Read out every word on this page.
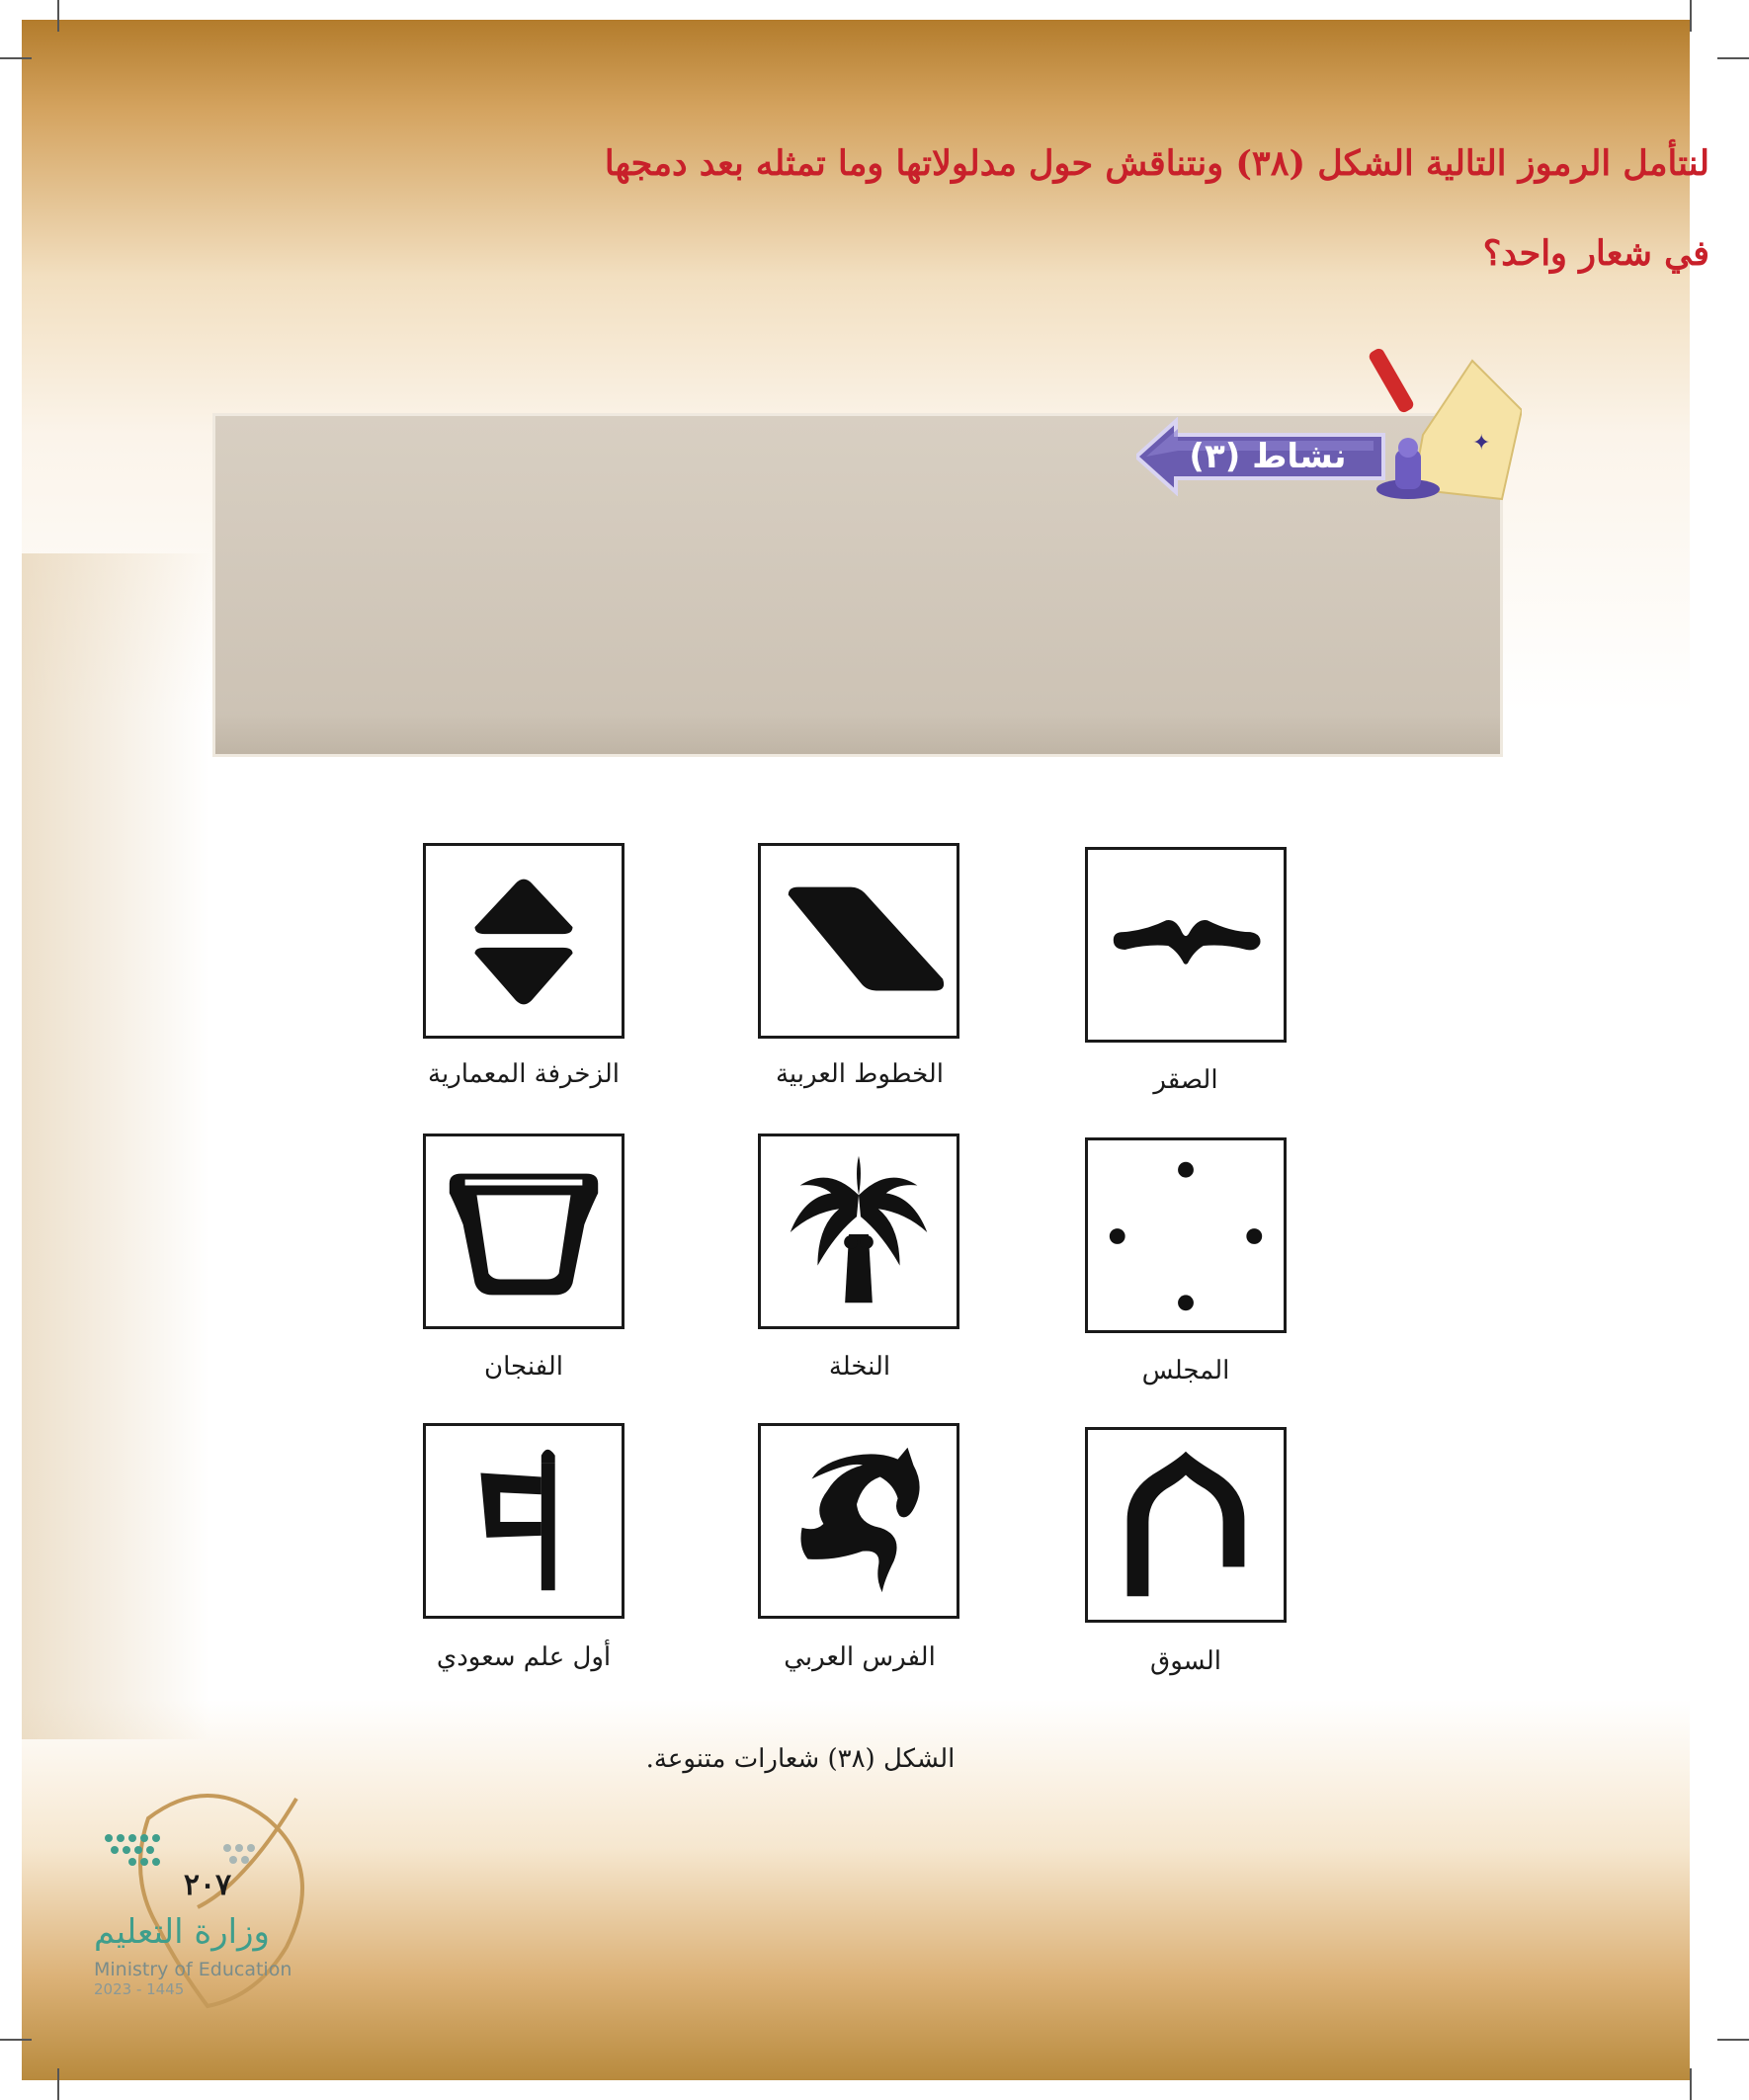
نشاط (٣)	✦
لنتأمل الرموز التالية الشكل (٣٨) ونتناقش حول مدلولاتها وما تمثله بعد دمجها
في شعار واحد؟
الزخرفة المعمارية	الخطوط العربية	الصقر
الفنجان	النخلة	المجلس
أول علم سعودي	الفرس العربي	السوق
الشكل (٣٨) شعارات متنوعة.
٢٠٧
وزارة التعليم
Ministry of Education
2023 - 1445
